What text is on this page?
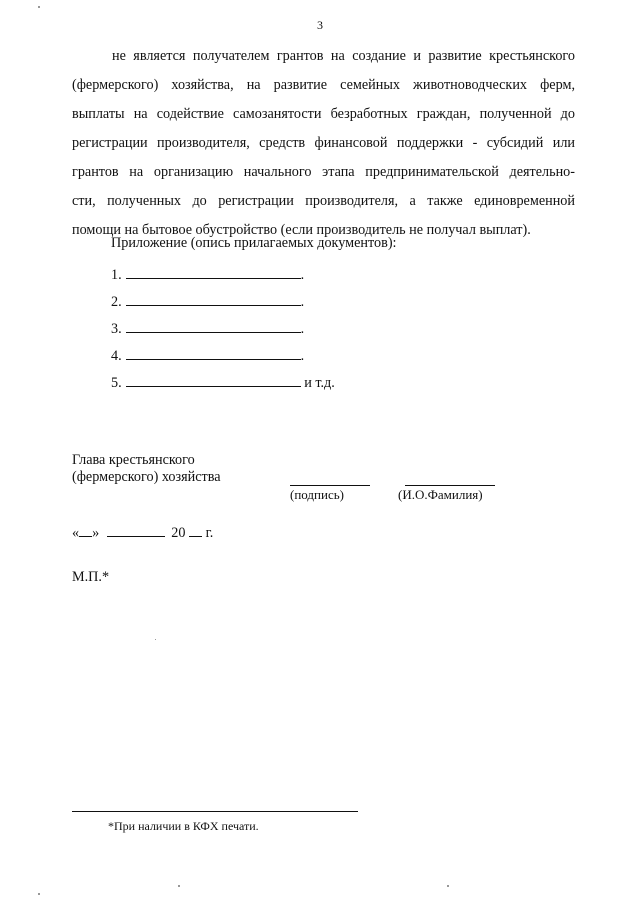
3
не является получателем грантов на создание и развитие крестьянского
(фермерского) хозяйства, на развитие семейных животноводческих ферм,
выплаты на содействие самозанятости безработных граждан, полученной до
регистрации производителя, средств финансовой поддержки - субсидий или
грантов на организацию начального этапа предпринимательской деятельно-
сти, полученных до регистрации производителя, а также единовременной
помощи на бытовое обустройство (если производитель не получал выплат).
Приложение (опись прилагаемых документов):
1.	.
2.	.
3.	.
4.	.
5.	и т.д.
Глава крестьянского
(фермерского) хозяйства
(подпись)	(И.О.Фамилия)
« »	20 г.
М.П.*
*При наличии в КФХ печати.
